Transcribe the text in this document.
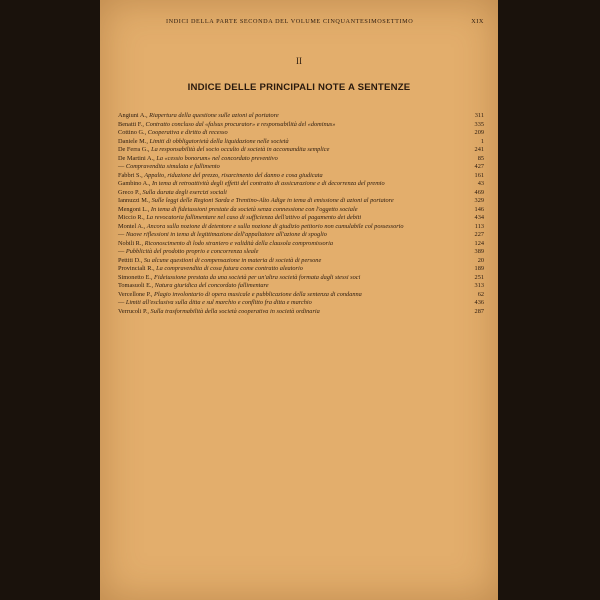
INDICI DELLA PARTE SECONDA DEL VOLUME CINQUANTESIMOSETTIMO	XIX
II
INDICE DELLE PRINCIPALI NOTE A SENTENZE
Angiuni A., Riapertura della questione sulle azioni al portatore	311
Benatti F., Contratto concluso dal «falsus procurator» e responsabilità del «dominus»	335
Cottino G., Cooperativa e diritto di recesso	209
Daniele M., Limiti di obbligatorietà della liquidazione nelle società	1
De Ferra G., La responsabilità del socio occulto di società in accomandita semplice	241
De Martini A., La «cessio bonorum» nel concordato preventivo	85
— Compravendita simulata e fallimento	427
Fabbri S., Appalto, riduzione del prezzo, risarcimento del danno e cosa giudicata	161
Gambino A., In tema di retroattività degli effetti del contratto di assicurazione e di decorrenza del premio	43
Greco P., Sulla durata degli esercizi sociali	469
Iannuzzi M., Sulle leggi delle Regioni Sarda e Trentino-Alto Adige in tema di emissione di azioni al portatore	329
Mengoni L., In tema di fideiussioni prestate da società senza connessione con l'oggetto sociale	146
Miccio R., La revocatoria fallimentare nel caso di sufficienza dell'attivo al pagamento dei debiti	434
Montel A., Ancora sulla nozione di detentore e sulla nozione di giudizio petitorio non cumulabile col possessorio	113
— Nuove riflessioni in tema di legittimazione dell'appaltatore all'azione di spoglio	227
Nobili R., Riconoscimento di lodo straniero e validità della clausola compromissoria	124
— Pubblicità del prodotto proprio e concorrenza sleale	389
Pettiti D., Su alcune questioni di compensazione in materia di società di persone	20
Provinciali R., La compravendita di cosa futura come contratto aleatorio	189
Simonetto E., Fideiussione prestata da una società per un'altra società formata dagli stessi soci	251
Tomasuoli E., Natura giuridica del concordato fallimentare	313
Vercellone P., Plagio involontario di opera musicale e pubblicazione della sentenza di condanna	62
— Limiti all'esclusiva sulla ditta e sul marchio e conflitto fra ditta e marchio	436
Verrucoli P., Sulla trasformabilità della società cooperativa in società ordinaria	287
